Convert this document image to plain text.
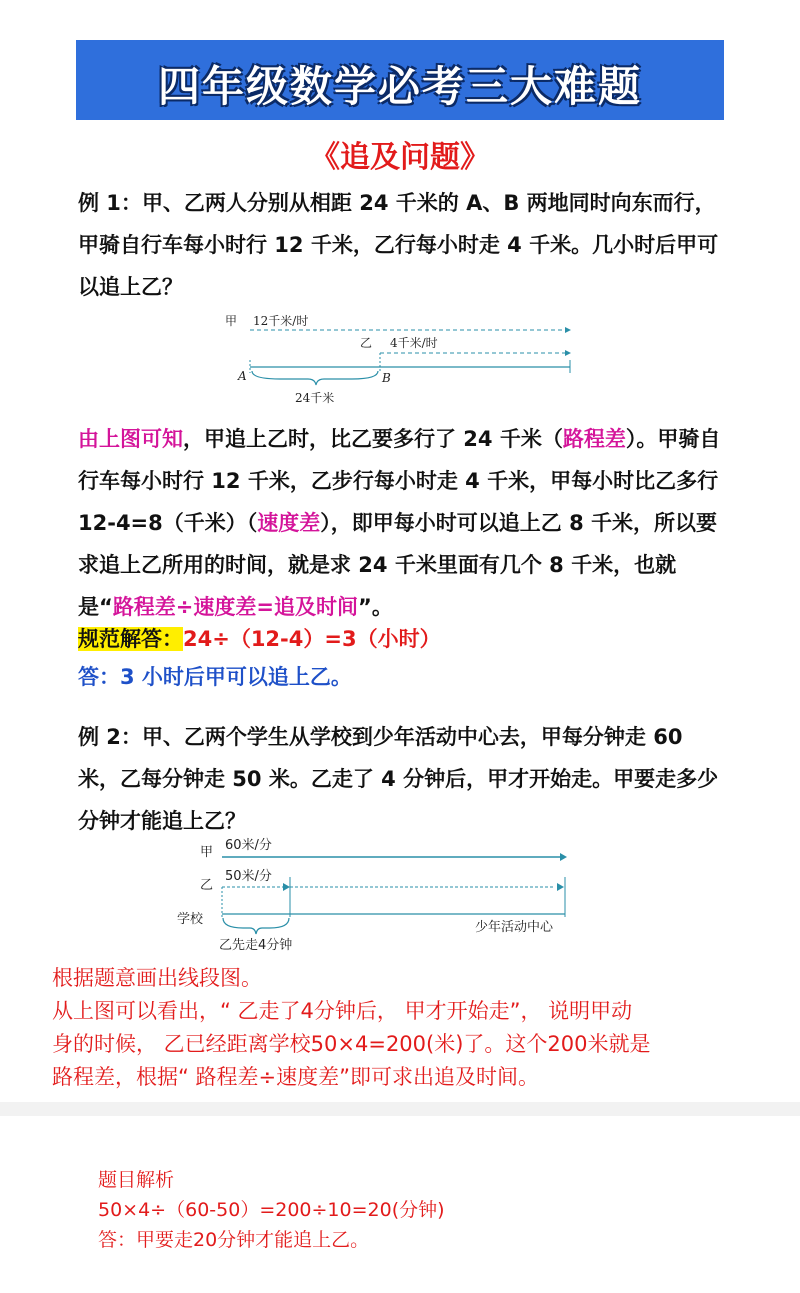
四年级数学必考三大难题
《追及问题》
例 1：甲、乙两人分别从相距 24 千米的 A、B 两地同时向东而行，甲骑自行车每小时行 12 千米，乙行每小时走 4 千米。几小时后甲可以追上乙？
甲 12千米/时
乙 4千米/时
A	B
24千米
由上图可知，甲追上乙时，比乙要多行了 24 千米（路程差）。甲骑自行车每小时行 12 千米，乙步行每小时走 4 千米，甲每小时比乙多行 12-4=8（千米）（速度差），即甲每小时可以追上乙 8 千米，所以要求追上乙所用的时间，就是求 24 千米里面有几个 8 千米，也就是“路程差÷速度差=追及时间”。
规范解答：24÷（12-4）=3（小时）
答：3 小时后甲可以追上乙。
例 2：甲、乙两个学生从学校到少年活动中心去，甲每分钟走 60 米，乙每分钟走 50 米。乙走了 4 分钟后，甲才开始走。甲要走多少分钟才能追上乙？
甲 60米/分
乙
50米/分
学校
少年活动中心
乙先走4分钟
根据题意画出线段图。
从上图可以看出，“ 乙走了4分钟后， 甲才开始走”， 说明甲动
身的时候， 乙已经距离学校50×4=200(米)了。这个200米就是
路程差，根据“ 路程差÷速度差”即可求出追及时间。
题目解析
50×4÷（60-50）=200÷10=20(分钟)
答：甲要走20分钟才能追上乙。
